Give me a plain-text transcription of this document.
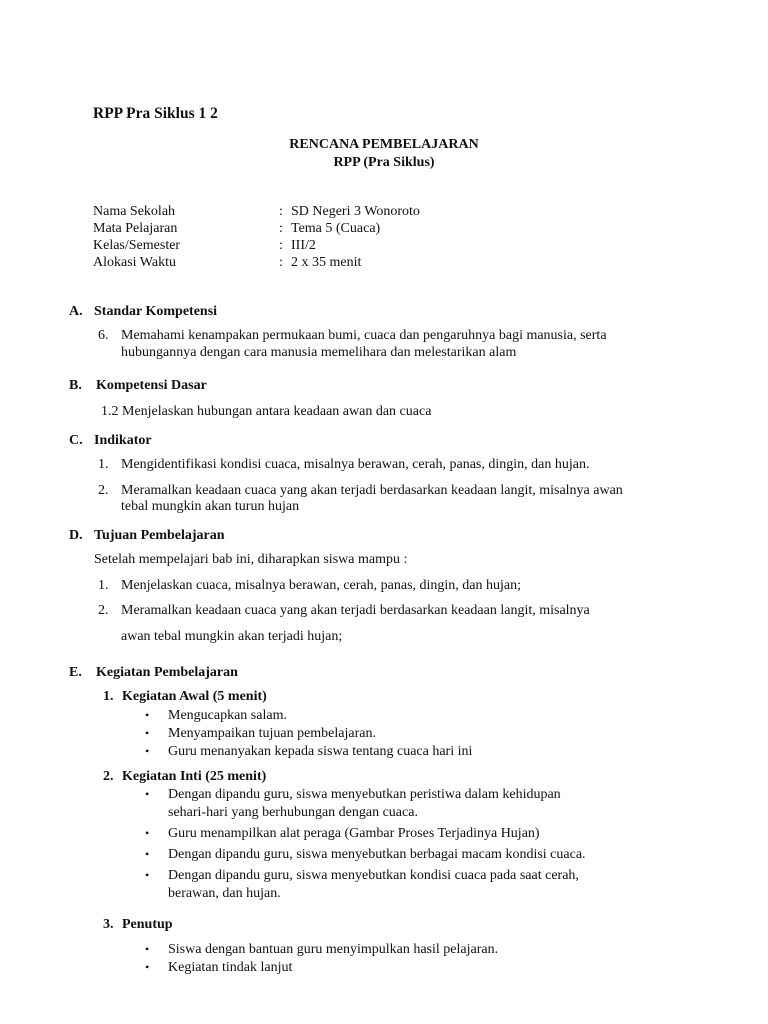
RPP Pra Siklus 1 2
RENCANA PEMBELAJARAN
RPP (Pra Siklus)
Nama Sekolah	: SD Negeri 3 Wonoroto
Mata Pelajaran	: Tema 5 (Cuaca)
Kelas/Semester	: III/2
Alokasi Waktu	: 2 x 35 menit
A. Standar Kompetensi
6. Memahami kenampakan permukaan bumi, cuaca dan pengaruhnya bagi manusia, serta
hubungannya dengan cara manusia memelihara dan melestarikan alam
B. Kompetensi Dasar
1.2 Menjelaskan hubungan antara keadaan awan dan cuaca
C. Indikator
1. Mengidentifikasi kondisi cuaca, misalnya berawan, cerah, panas, dingin, dan hujan.
2. Meramalkan keadaan cuaca yang akan terjadi berdasarkan keadaan langit, misalnya awan
tebal mungkin akan turun hujan
D. Tujuan Pembelajaran
Setelah mempelajari bab ini, diharapkan siswa mampu :
1. Menjelaskan cuaca, misalnya berawan, cerah, panas, dingin, dan hujan;
2. Meramalkan keadaan cuaca yang akan terjadi berdasarkan keadaan langit, misalnya
awan tebal mungkin akan terjadi hujan;
E. Kegiatan Pembelajaran
1. Kegiatan Awal (5 menit)
• Mengucapkan salam.
• Menyampaikan tujuan pembelajaran.
• Guru menanyakan kepada siswa tentang cuaca hari ini
2. Kegiatan Inti (25 menit)
• Dengan dipandu guru, siswa menyebutkan peristiwa dalam kehidupan
sehari-hari yang berhubungan dengan cuaca.
• Guru menampilkan alat peraga (Gambar Proses Terjadinya Hujan)
• Dengan dipandu guru, siswa menyebutkan berbagai macam kondisi cuaca.
• Dengan dipandu guru, siswa menyebutkan kondisi cuaca pada saat cerah,
berawan, dan hujan.
3. Penutup
• Siswa dengan bantuan guru menyimpulkan hasil pelajaran.
• Kegiatan tindak lanjut
